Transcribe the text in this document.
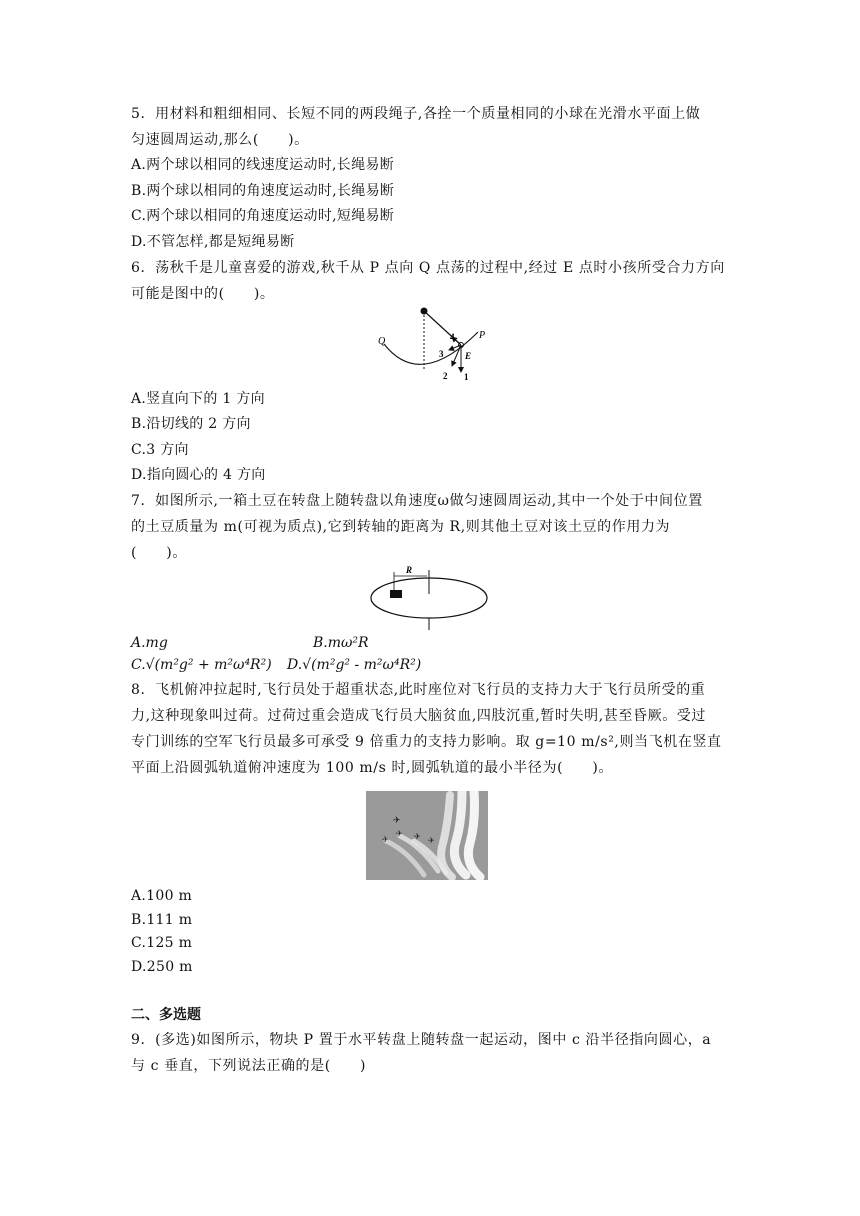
5．用材料和粗细相同、长短不同的两段绳子,各拴一个质量相同的小球在光滑水平面上做
匀速圆周运动,那么(　　)。
A.两个球以相同的线速度运动时,长绳易断
B.两个球以相同的角速度运动时,长绳易断
C.两个球以相同的角速度运动时,短绳易断
D.不管怎样,都是短绳易断
6．荡秋千是儿童喜爱的游戏,秋千从 P 点向 Q 点荡的过程中,经过 E 点时小孩所受合力方向
可能是图中的(　　)。
Q
P
E
1
2
3
4
A.竖直向下的 1 方向
B.沿切线的 2 方向
C.3 方向
D.指向圆心的 4 方向
7．如图所示,一箱土豆在转盘上随转盘以角速度ω做匀速圆周运动,其中一个处于中间位置
的土豆质量为 m(可视为质点),它到转轴的距离为 R,则其他土豆对该土豆的作用力为
(　　)。
R
A.mg	B.mω²R
C.√(m²g² + m²ω⁴R²) D.√(m²g² - m²ω⁴R²)
8．飞机俯冲拉起时,飞行员处于超重状态,此时座位对飞行员的支持力大于飞行员所受的重
力,这种现象叫过荷。过荷过重会造成飞行员大脑贫血,四肢沉重,暂时失明,甚至昏厥。受过
专门训练的空军飞行员最多可承受 9 倍重力的支持力影响。取 g=10 m/s²,则当飞机在竖直
平面上沿圆弧轨道俯冲速度为 100 m/s 时,圆弧轨道的最小半径为(　　)。
✈
✈
✈	✈ ✈
A.100 m
B.111 m
C.125 m
D.250 m
二、多选题
9．(多选)如图所示，物块 P 置于水平转盘上随转盘一起运动，图中 c 沿半径指向圆心，a
与 c 垂直，下列说法正确的是(　　)
